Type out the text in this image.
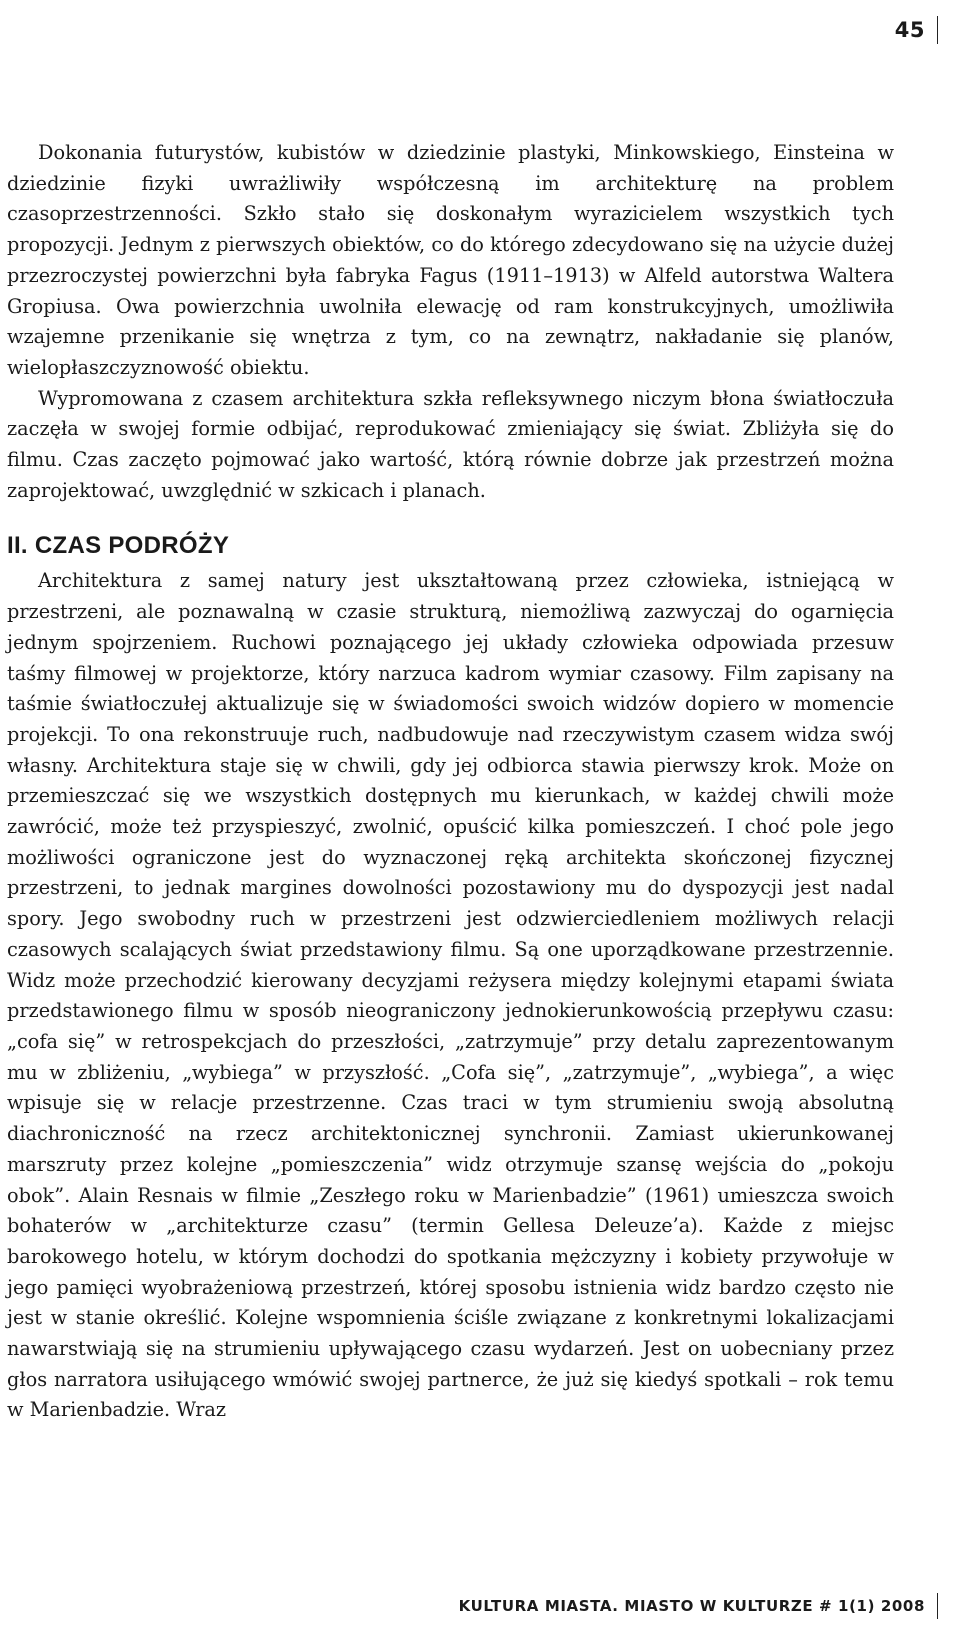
45

Dokonania futurystów, kubistów w dziedzinie plastyki, Minkowskiego, Einsteina w dziedzinie fizyki uwrażliwiły współczesną im architekturę na problem czasoprzestrzenności. Szkło stało się doskonałym wyrazicielem wszystkich tych propozycji. Jednym z pierwszych obiektów, co do którego zdecydowano się na użycie dużej przezroczystej powierzchni była fabryka Fagus (1911–1913) w Alfeld autorstwa Waltera Gropiusa. Owa powierzchnia uwolniła elewację od ram konstrukcyjnych, umożliwiła wzajemne przenikanie się wnętrza z tym, co na zewnątrz, nakładanie się planów, wielopłaszczyznowość obiektu.

Wypromowana z czasem architektura szkła refleksywnego niczym błona światłoczuła zaczęła w swojej formie odbijać, reprodukować zmieniający się świat. Zbliżyła się do filmu. Czas zaczęto pojmować jako wartość, którą równie dobrze jak przestrzeń można zaprojektować, uwzględnić w szkicach i planach.

II. CZAS PODRÓŻY

Architektura z samej natury jest ukształtowaną przez człowieka, istniejącą w przestrzeni, ale poznawalną w czasie strukturą, niemożliwą zazwyczaj do ogarnięcia jednym spojrzeniem. Ruchowi poznającego jej układy człowieka odpowiada przesuw taśmy filmowej w projektorze, który narzuca kadrom wymiar czasowy. Film zapisany na taśmie światłoczułej aktualizuje się w świadomości swoich widzów dopiero w momencie projekcji. To ona rekonstruuje ruch, nadbudowuje nad rzeczywistym czasem widza swój własny. Architektura staje się w chwili, gdy jej odbiorca stawia pierwszy krok. Może on przemieszczać się we wszystkich dostępnych mu kierunkach, w każdej chwili może zawrócić, może też przyspieszyć, zwolnić, opuścić kilka pomieszczeń. I choć pole jego możliwości ograniczone jest do wyznaczonej ręką architekta skończonej fizycznej przestrzeni, to jednak margines dowolności pozostawiony mu do dyspozycji jest nadal spory. Jego swobodny ruch w przestrzeni jest odzwierciedleniem możliwych relacji czasowych scalających świat przedstawiony filmu. Są one uporządkowane przestrzennie. Widz może przechodzić kierowany decyzjami reżysera między kolejnymi etapami świata przedstawionego filmu w sposób nieograniczony jednokierunkowością przepływu czasu: „cofa się” w retrospekcjach do przeszłości, „zatrzymuje” przy detalu zaprezentowanym mu w zbliżeniu, „wybiega” w przyszłość. „Cofa się”, „zatrzymuje”, „wybiega”, a więc wpisuje się w relacje przestrzenne. Czas traci w tym strumieniu swoją absolutną diachroniczność na rzecz architektonicznej synchronii. Zamiast ukierunkowanej marszruty przez kolejne „pomieszczenia” widz otrzymuje szansę wejścia do „pokoju obok”. Alain Resnais w filmie „Zeszłego roku w Marienbadzie” (1961) umieszcza swoich bohaterów w „architekturze czasu” (termin Gellesa Deleuze’a). Każde z miejsc barokowego hotelu, w którym dochodzi do spotkania mężczyzny i kobiety przywołuje w jego pamięci wyobrażeniową przestrzeń, której sposobu istnienia widz bardzo często nie jest w stanie określić. Kolejne wspomnienia ściśle związane z konkretnymi lokalizacjami nawarstwiają się na strumieniu upływającego czasu wydarzeń. Jest on uobecniany przez głos narratora usiłującego wmówić swojej partnerce, że już się kiedyś spotkali – rok temu w Marienbadzie. Wraz

KULTURA MIASTA. MIASTO W KULTURZE # 1(1) 2008
